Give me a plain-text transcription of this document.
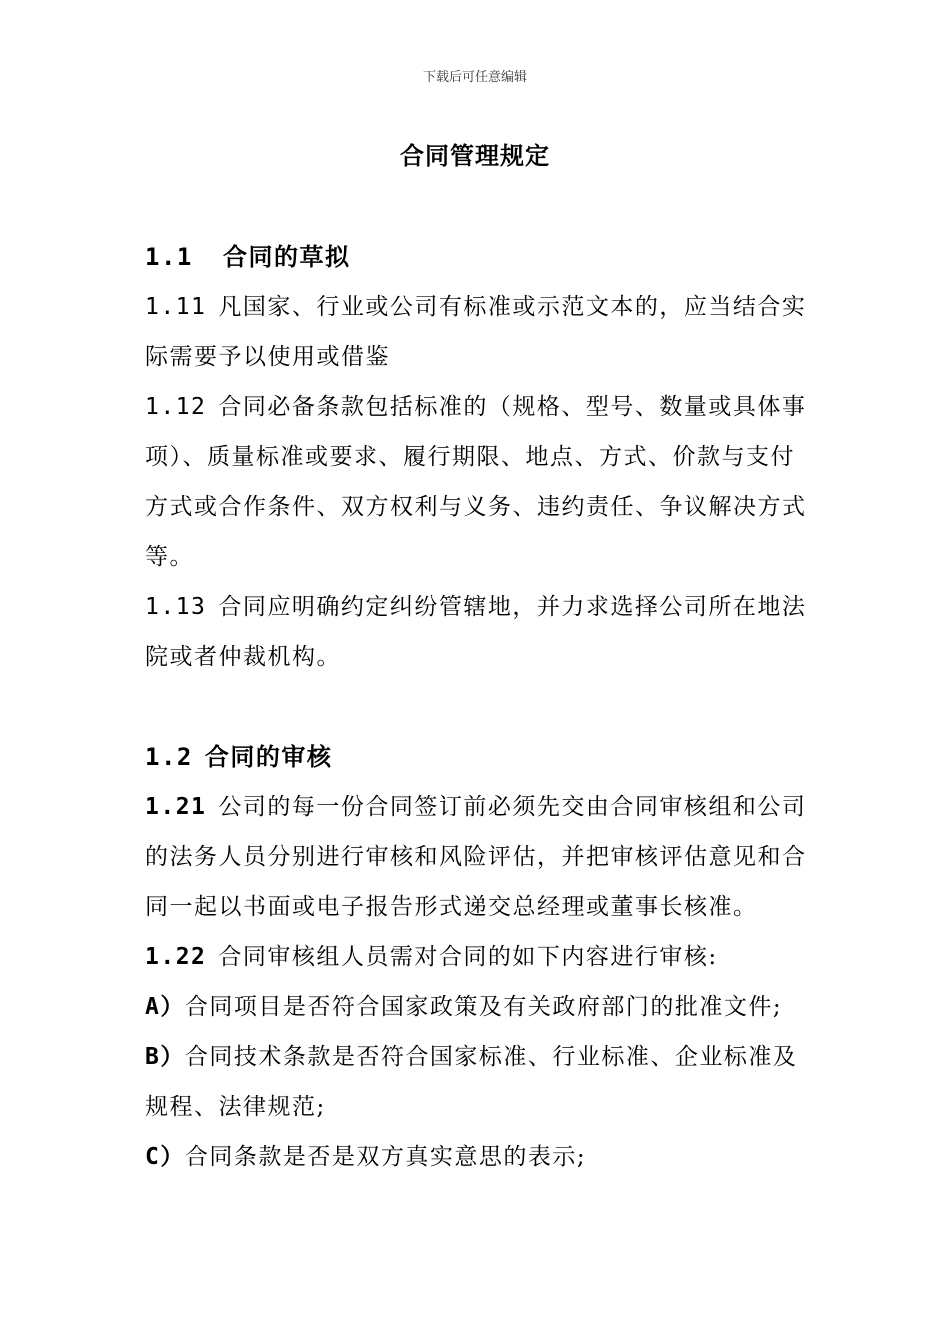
下载后可任意编辑
合同管理规定
1.1 合同的草拟

1.11 凡国家、行业或公司有标准或示范文本的，应当结合实际需要予以使用或借鉴

1.12 合同必备条款包括标准的（规格、型号、数量或具体事项）、质量标准或要求、履行期限、地点、方式、价款与支付方式或合作条件、双方权利与义务、违约责任、争议解决方式等。

1.13 合同应明确约定纠纷管辖地，并力求选择公司所在地法院或者仲裁机构。

1.2 合同的审核

1.21 公司的每一份合同签订前必须先交由合同审核组和公司的法务人员分别进行审核和风险评估，并把审核评估意见和合同一起以书面或电子报告形式递交总经理或董事长核准。

1.22 合同审核组人员需对合同的如下内容进行审核:

A）合同项目是否符合国家政策及有关政府部门的批准文件;

B）合同技术条款是否符合国家标准、行业标准、企业标准及规程、法律规范;

C）合同条款是否是双方真实意思的表示;
